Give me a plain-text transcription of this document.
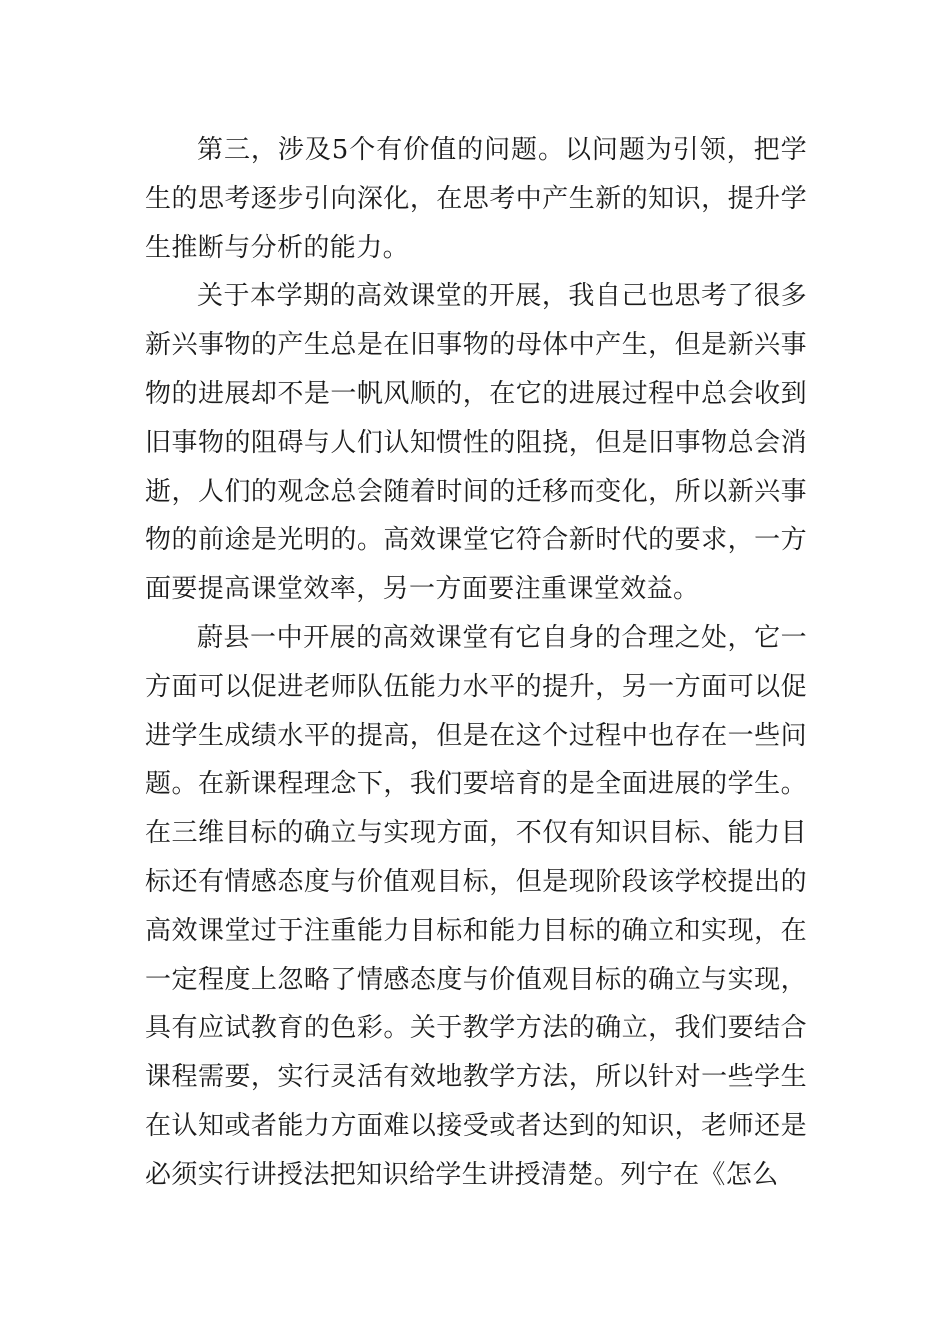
第三，涉及5个有价值的问题。以问题为引领，把学生的思考逐步引向深化，在思考中产生新的知识，提升学生推断与分析的能力。

关于本学期的高效课堂的开展，我自己也思考了很多新兴事物的产生总是在旧事物的母体中产生，但是新兴事物的进展却不是一帆风顺的，在它的进展过程中总会收到旧事物的阻碍与人们认知惯性的阻挠，但是旧事物总会消逝，人们的观念总会随着时间的迁移而变化，所以新兴事物的前途是光明的。高效课堂它符合新时代的要求，一方面要提高课堂效率，另一方面要注重课堂效益。

蔚县一中开展的高效课堂有它自身的合理之处，它一方面可以促进老师队伍能力水平的提升，另一方面可以促进学生成绩水平的提高，但是在这个过程中也存在一些问题。在新课程理念下，我们要培育的是全面进展的学生。在三维目标的确立与实现方面，不仅有知识目标、能力目标还有情感态度与价值观目标，但是现阶段该学校提出的高效课堂过于注重能力目标和能力目标的确立和实现，在一定程度上忽略了情感态度与价值观目标的确立与实现，具有应试教育的色彩。关于教学方法的确立，我们要结合课程需要，实行灵活有效地教学方法，所以针对一些学生在认知或者能力方面难以接受或者达到的知识，老师还是必须实行讲授法把知识给学生讲授清楚。列宁在《怎么
